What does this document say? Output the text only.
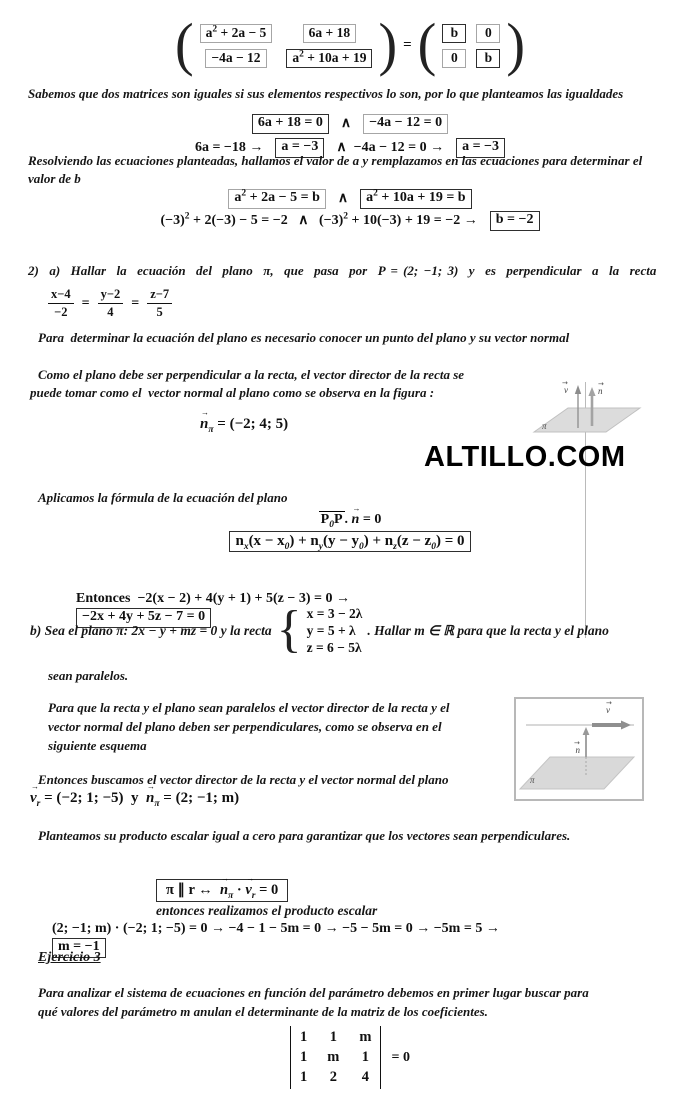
( $a^2 + 2a - 5$	6a + 18
−4a − 12	$a^2 + 10a + 19$ ) = (	b	0
0	b )
Sabemos que dos matrices son iguales si sus elementos respectivos lo son, por lo que planteamos las igualdades
6a + 18 = 0 ∧ −4a − 12 = 0
6a = −18 → a = −3 ∧  −4a − 12 = 0 → a = −3
Resolviendo las ecuaciones planteadas, hallamos el valor de a y remplazamos en las ecuaciones para determinar el
valor de b
$a^2 + 2a - 5 = b$ ∧ $a^2 + 10a + 19 = b$
$(-3)^2 + 2(-3) - 5 = -2$   ∧   $(-3)^2 + 10(-3) + 19 = -2 \to b = -2$
2)  a)  Hallar  la  ecuación  del  plano  π,  que  pasa  por  P = (2; −1; 3)  y  es  perpendicular  a  la  recta
$\frac{x-4}{-2} = \frac{y-2}{4} = \frac{z-7}{5}$
Para  determinar la ecuación del plano es necesario conocer un punto del plano y su vector normal
Como el plano debe ser perpendicular a la recta, el vector director de la recta se
puede tomar como el  vector normal al plano como se observa en la figura :
$n \to_\pi = (-2$; 4; 5)
v
→
n
→
π
ALTILLO.COM
Aplicamos la fórmula de la ecuación del plano
$P_0P$ . n → = 0
$n_x(x - x_0) + n_y(y - y_0) + n_z(z - z_0) = 0$

Entonces  −2(x − 2) + 4(y + 1) + 5(z − 3) = 0 →
−2x + 4y + 5z − 7 = 0

b) Sea el plano π: 2x − y + mz = 0 y la recta { x = 3 − 2λ
y = 5 + λ
z = 6 − 5λ
. Hallar m ∈ ℝ para que la recta y el plano
sean paralelos.
Para que la recta y el plano sean paralelos el vector director de la recta y el
vector normal del plano deben ser perpendiculares, como se observa en el
siguiente esquema
v
→
n
→
π
Entonces buscamos el vector director de la recta y el vector normal del plano
$v \to_r = (-2$; 1; −5)  y  $n \to_\pi = (2$; −1; m)
Planteamos su producto escalar igual a cero para garantizar que los vectores sean perpendiculares.

π ∥ r ↔  $n \to_\pi \cdot v \to_r = 0$
entonces realizamos el producto escalar

(2; −1; m) · (−2; 1; −5) = 0 → −4 − 1 − 5m = 0 → −5 − 5m = 0 → −5m = 5 →
m = −1

Ejercicio 3
Para analizar el sistema de ecuaciones en función del parámetro debemos en primer lugar buscar para
qué valores del parámetro m anulan el determinante de la matriz de los coeficientes.
1 1 m
1 m 1
1 2 4
= 0
